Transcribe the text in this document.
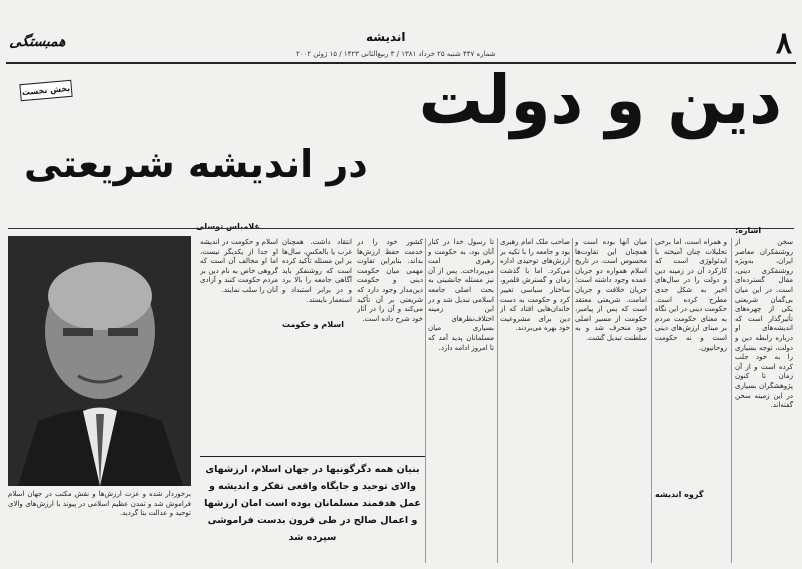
۸
اندیشه
شماره ۴۴۷ شنبه ۲۵ خرداد ۱۳۸۱ / ۳ ربیع‌الثانی ۱۴۲۳ / ۱۵ ژوئن ۲۰۰۲
همبستگی
بخش نخست	دین و دولت
در اندیشه شریعتی
غلامباس توسلی	اشاره:
گروه اندیشه
اسلام و حکومت
سخن از روشنفکران معاصر ایران، به‌ویژه روشنفکری دینی، مقال گسترده‌ای است. در این میان بی‌گمان شریعتی یکی از چهره‌های تأثیرگذار است که اندیشه‌های او درباره رابطه دین و دولت، توجه بسیاری را به خود جلب کرده است و از آن زمان تا کنون پژوهشگران بسیاری در این زمینه سخن گفته‌اند.
و همراه است، اما برخی تحلیلات چنان آمیخته با ایدئولوژی است که کارکرد آن در زمینه دین و دولت را در سال‌های اخیر به شکل جدی مطرح کرده است. حکومت دینی در این نگاه به معنای حکومت مردم بر مبنای ارزش‌های دینی است و نه حکومت روحانیون.
میان آنها بوده است و همچنان این تفاوت‌ها محسوس است. در تاریخ اسلام همواره دو جریان عمده وجود داشته است؛ جریان خلافت و جریان امامت. شریعتی معتقد است که پس از پیامبر، حکومت از مسیر اصلی خود منحرف شد و به سلطنت تبدیل گشت.
صاحب ملک امام رهبری بود و جامعه را با تکیه بر ارزش‌های توحیدی اداره می‌کرد. اما با گذشت زمان و گسترش قلمرو، ساختار سیاسی تغییر کرد و حکومت به دست خاندان‌هایی افتاد که از دین برای مشروعیت خود بهره می‌بردند.
تا رسول خدا در کنار آنان بود، به حکومت و رهبری امت می‌پرداخت. پس از آن نیز مسئله جانشینی به بحث اصلی جامعه اسلامی تبدیل شد و در این زمینه اختلاف‌نظرهای بسیاری میان مسلمانان پدید آمد که تا امروز ادامه دارد.
کشور خود را در خدمت حفظ ارزش‌ها بداند. بنابراین تفاوت مهمی میان حکومت دینی و حکومت دین‌مدار وجود دارد که شریعتی بر آن تأکید می‌کند و آن را در آثار خود شرح داده است.
انتقاد داشت. همچنان غرب یا بالعکس، سال‌ها بر این مسئله تأکید کرده است که روشنفکر باید آگاهی جامعه را بالا برد و در برابر استبداد و استعمار بایستد.
اسلام و حکومت در اندیشه او جدا از یکدیگر نیست، اما او مخالف آن است که گروهی خاص به نام دین بر مردم حکومت کنند و آزادی آنان را سلب نمایند.
برخوردار شده و عزت ارزش‌ها و نقش مکتب در جهان اسلام فراموش شد و تمدن عظیم اسلامی در پیوند با ارزش‌های والای توحید و عدالت بنا گردید.
بنیان همه دگرگونیها در جهان اسلام، ارزشهای والای توحید و جایگاه واقعی تفکر و اندیشه و عمل هدفمند مسلمانان بوده است امان ارزشها و اعمال صالح در طی قرون بدست فراموشی سپرده شد
